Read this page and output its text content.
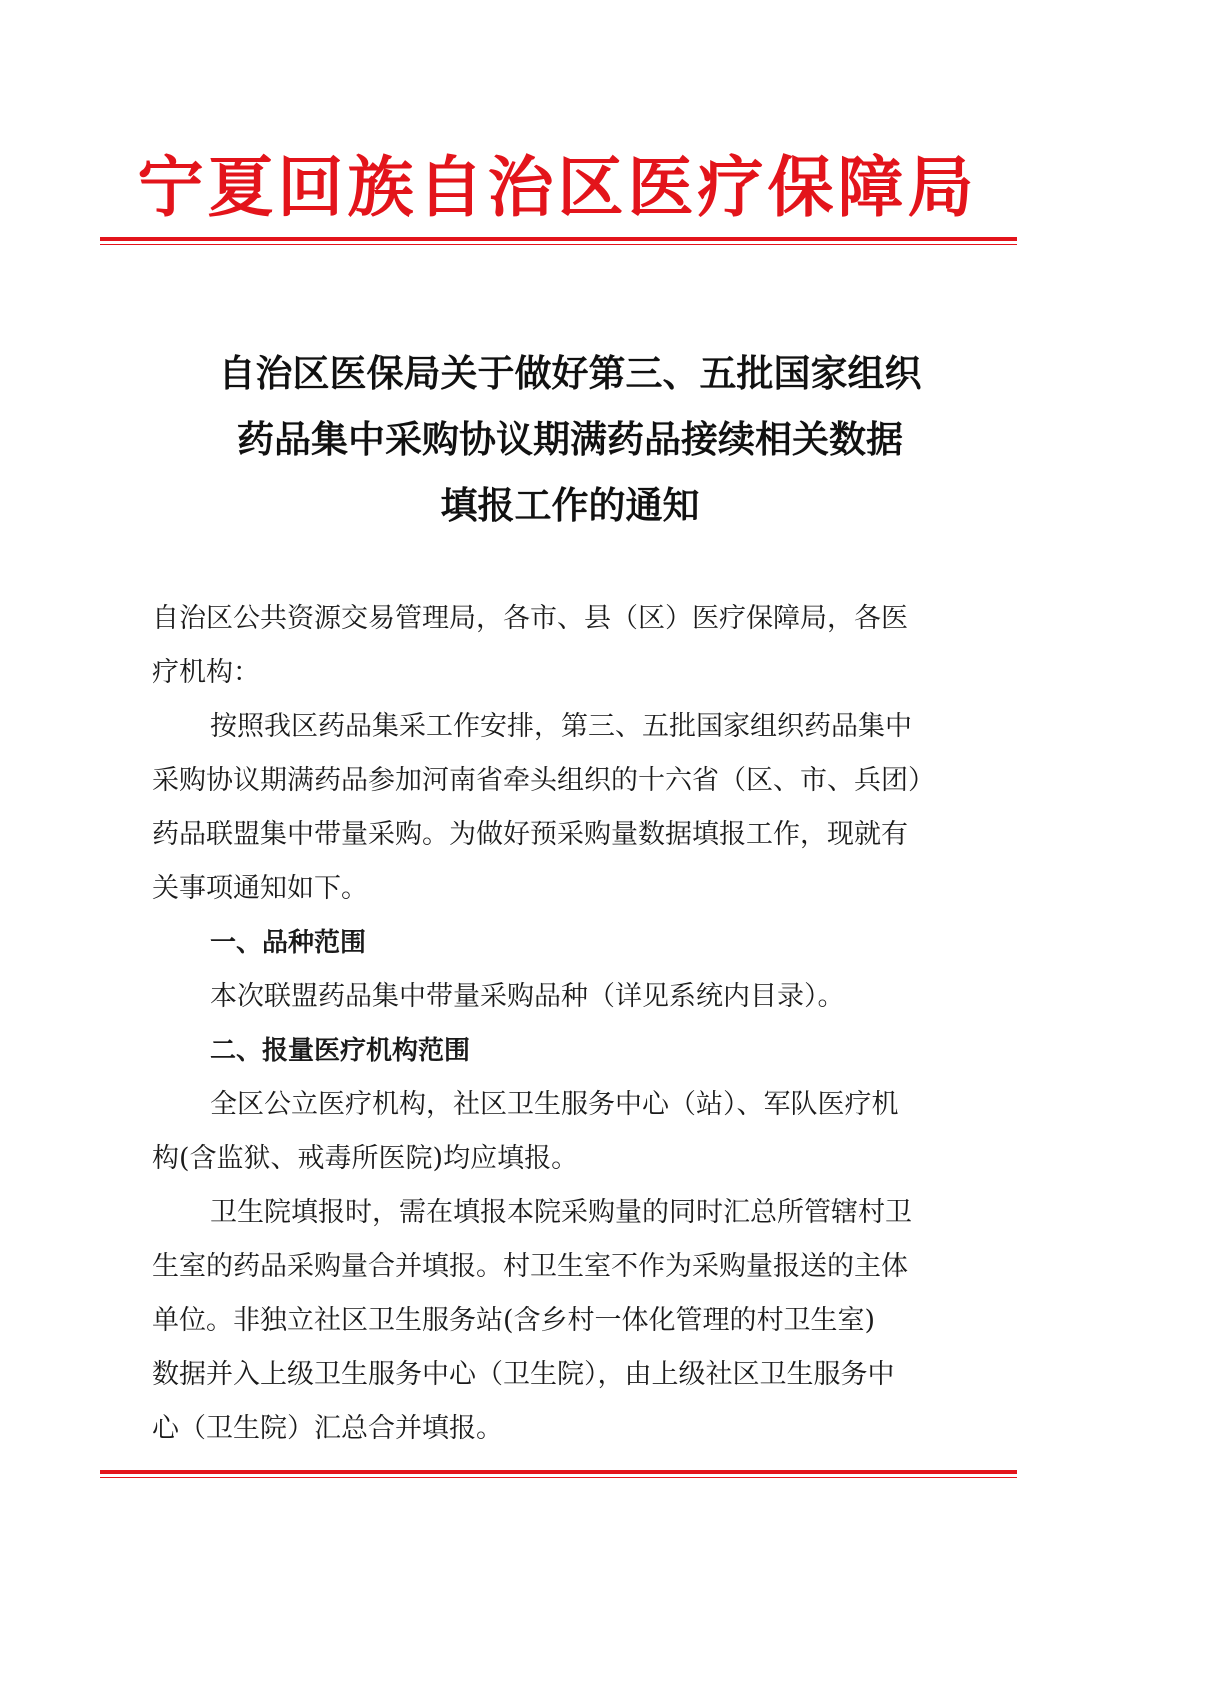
宁夏回族自治区医疗保障局
自治区医保局关于做好第三、五批国家组织
药品集中采购协议期满药品接续相关数据
填报工作的通知

自治区公共资源交易管理局，各市、县（区）医疗保障局，各医
疗机构：

按照我区药品集采工作安排，第三、五批国家组织药品集中
采购协议期满药品参加河南省牵头组织的十六省（区、市、兵团）
药品联盟集中带量采购。为做好预采购量数据填报工作，现就有
关事项通知如下。

一、品种范围

本次联盟药品集中带量采购品种（详见系统内目录）。

二、报量医疗机构范围

全区公立医疗机构，社区卫生服务中心（站）、军队医疗机
构(含监狱、戒毒所医院)均应填报。

卫生院填报时，需在填报本院采购量的同时汇总所管辖村卫
生室的药品采购量合并填报。村卫生室不作为采购量报送的主体
单位。非独立社区卫生服务站(含乡村一体化管理的村卫生室)
数据并入上级卫生服务中心（卫生院），由上级社区卫生服务中
心（卫生院）汇总合并填报。
